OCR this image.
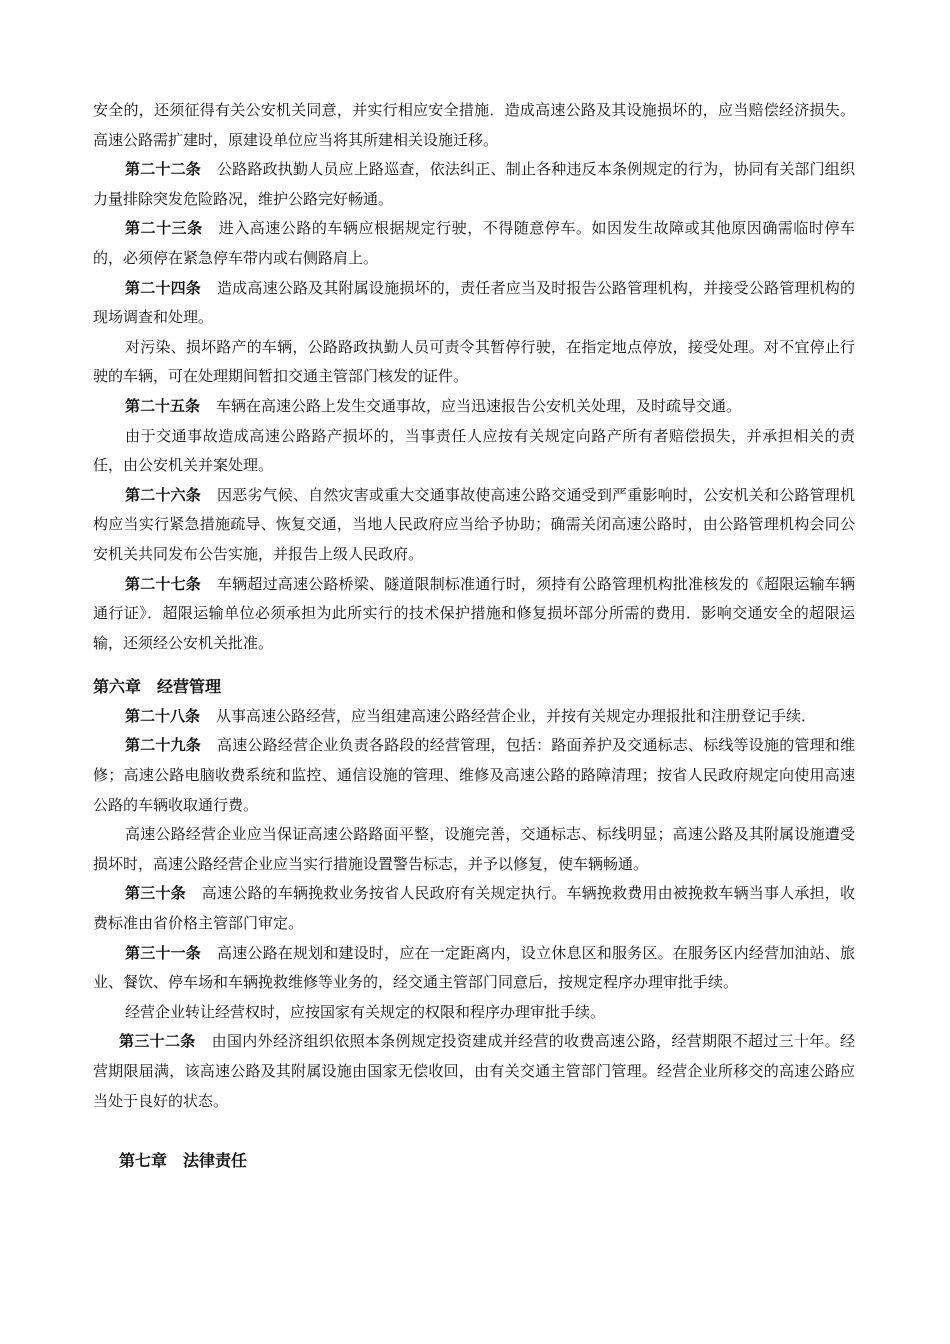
安全的，还须征得有关公安机关同意，并实行相应安全措施．造成高速公路及其设施损坏的，应当赔偿经济损失。高速公路需扩建时，原建设单位应当将其所建相关设施迁移。

第二十二条 公路路政执勤人员应上路巡查，依法纠正、制止各种违反本条例规定的行为，协同有关部门组织力量排除突发危险路况，维护公路完好畅通。

第二十三条 进入高速公路的车辆应根据规定行驶，不得随意停车。如因发生故障或其他原因确需临时停车的，必须停在紧急停车带内或右侧路肩上。

第二十四条 造成高速公路及其附属设施损坏的，责任者应当及时报告公路管理机构，并接受公路管理机构的现场调查和处理。

对污染、损坏路产的车辆，公路路政执勤人员可责令其暂停行驶，在指定地点停放，接受处理。对不宜停止行驶的车辆，可在处理期间暂扣交通主管部门核发的证件。

第二十五条 车辆在高速公路上发生交通事故，应当迅速报告公安机关处理，及时疏导交通。

由于交通事故造成高速公路路产损坏的，当事责任人应按有关规定向路产所有者赔偿损失，并承担相关的责任，由公安机关并案处理。

第二十六条 因恶劣气候、自然灾害或重大交通事故使高速公路交通受到严重影响时，公安机关和公路管理机构应当实行紧急措施疏导、恢复交通，当地人民政府应当给予协助；确需关闭高速公路时，由公路管理机构会同公安机关共同发布公告实施，并报告上级人民政府。

第二十七条 车辆超过高速公路桥梁、隧道限制标准通行时，须持有公路管理机构批准核发的《超限运输车辆通行证》．超限运输单位必须承担为此所实行的技术保护措施和修复损坏部分所需的费用．影响交通安全的超限运输，还须经公安机关批准。

第六章 经营管理

第二十八条 从事高速公路经营，应当组建高速公路经营企业，并按有关规定办理报批和注册登记手续．

第二十九条 高速公路经营企业负责各路段的经营管理，包括：路面养护及交通标志、标线等设施的管理和维修；高速公路电脑收费系统和监控、通信设施的管理、维修及高速公路的路障清理；按省人民政府规定向使用高速公路的车辆收取通行费。

高速公路经营企业应当保证高速公路路面平整，设施完善，交通标志、标线明显；高速公路及其附属设施遭受损坏时，高速公路经营企业应当实行措施设置警告标志，并予以修复，使车辆畅通。

第三十条 高速公路的车辆挽救业务按省人民政府有关规定执行。车辆挽救费用由被挽救车辆当事人承担，收费标准由省价格主管部门审定。

第三十一条 高速公路在规划和建设时，应在一定距离内，设立休息区和服务区。在服务区内经营加油站、旅业、餐饮、停车场和车辆挽救维修等业务的，经交通主管部门同意后，按规定程序办理审批手续。

经营企业转让经营权时，应按国家有关规定的权限和程序办理审批手续。

第三十二条 由国内外经济组织依照本条例规定投资建成并经营的收费高速公路，经营期限不超过三十年。经营期限届满，该高速公路及其附属设施由国家无偿收回，由有关交通主管部门管理。经营企业所移交的高速公路应当处于良好的状态。

第七章 法律责任
